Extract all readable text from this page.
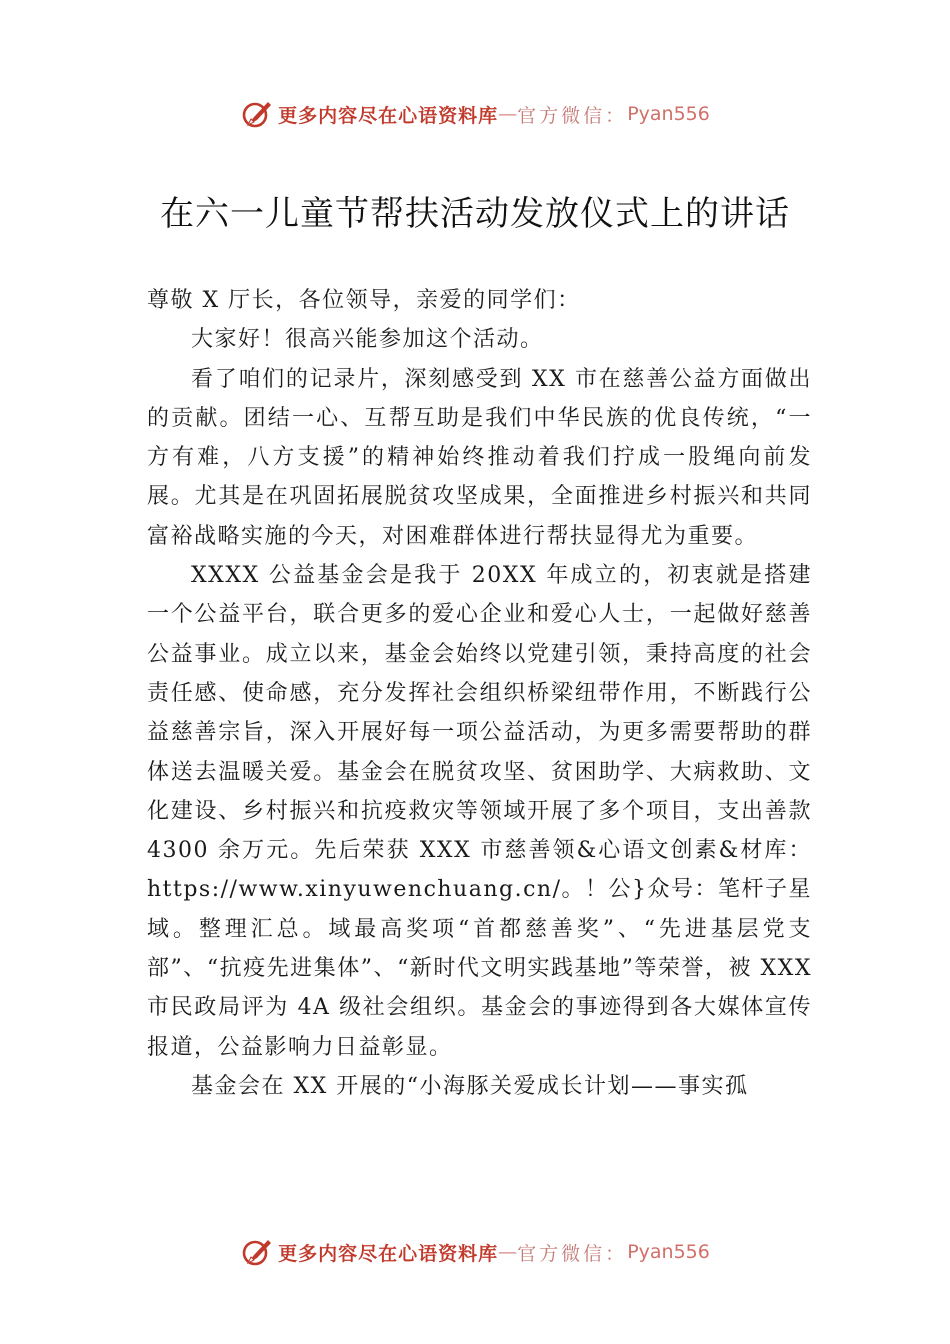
更多内容尽在心语资料库 — 官方微信： Pyan556
在六一儿童节帮扶活动发放仪式上的讲话

尊敬 X 厅长，各位领导，亲爱的同学们：

大家好！很高兴能参加这个活动。

看了咱们的记录片，深刻感受到 XX 市在慈善公益方面做出的贡献。团结一心、互帮互助是我们中华民族的优良传统，“一方有难，八方支援”的精神始终推动着我们拧成一股绳向前发展。尤其是在巩固拓展脱贫攻坚成果，全面推进乡村振兴和共同富裕战略实施的今天，对困难群体进行帮扶显得尤为重要。

XXXX 公益基金会是我于 20XX 年成立的，初衷就是搭建一个公益平台，联合更多的爱心企业和爱心人士，一起做好慈善公益事业。成立以来，基金会始终以党建引领，秉持高度的社会责任感、使命感，充分发挥社会组织桥梁纽带作用，不断践行公益慈善宗旨，深入开展好每一项公益活动，为更多需要帮助的群体送去温暖关爱。基金会在脱贫攻坚、贫困助学、大病救助、文化建设、乡村振兴和抗疫救灾等领域开展了多个项目，支出善款 4300 余万元。先后荣获 XXX 市慈善领&心语文创素&材库：https://www.xinyuwenchuang.cn/。！公}众号：笔杆子星域。整理汇总。域最高奖项“首都慈善奖”、“先进基层党支部”、“抗疫先进集体”、“新时代文明实践基地”等荣誉，被 XXX 市民政局评为 4A 级社会组织。基金会的事迹得到各大媒体宣传报道，公益影响力日益彰显。

基金会在 XX 开展的“小海豚关爱成长计划——事实孤

更多内容尽在心语资料库 — 官方微信： Pyan556
